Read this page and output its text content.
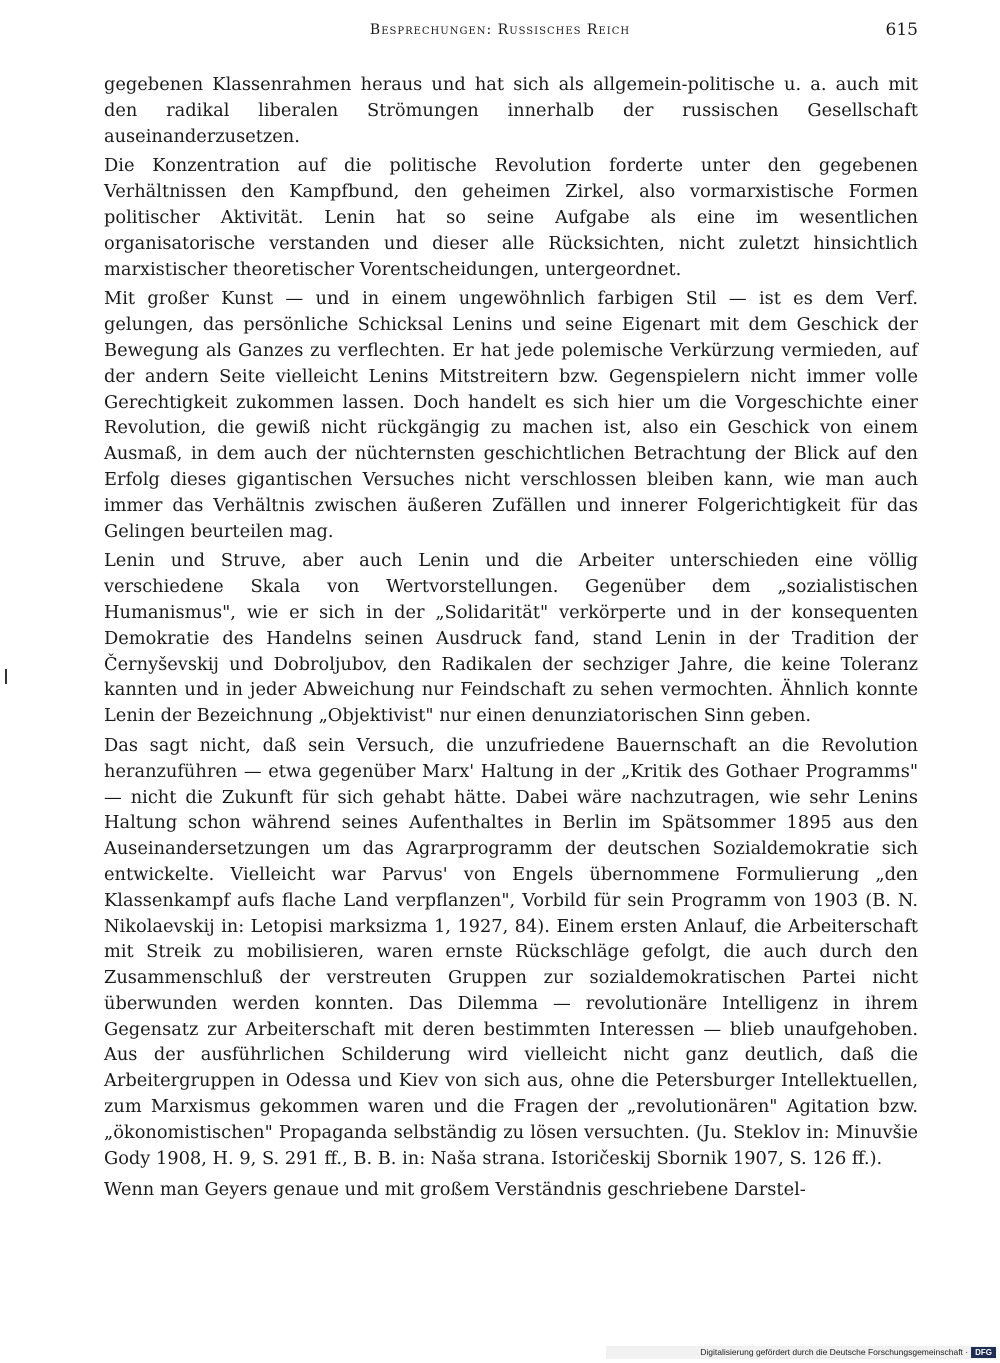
Besprechungen: Russisches Reich	615

gegebenen Klassenrahmen heraus und hat sich als allgemein-politische u. a. auch mit den radikal liberalen Strömungen innerhalb der russischen Gesellschaft auseinanderzusetzen.

Die Konzentration auf die politische Revolution forderte unter den gegebenen Verhältnissen den Kampfbund, den geheimen Zirkel, also vormarxistische Formen politischer Aktivität. Lenin hat so seine Aufgabe als eine im wesentlichen organisatorische verstanden und dieser alle Rücksichten, nicht zuletzt hinsichtlich marxistischer theoretischer Vorentscheidungen, untergeordnet.

Mit großer Kunst — und in einem ungewöhnlich farbigen Stil — ist es dem Verf. gelungen, das persönliche Schicksal Lenins und seine Eigenart mit dem Geschick der Bewegung als Ganzes zu verflechten. Er hat jede polemische Verkürzung vermieden, auf der andern Seite vielleicht Lenins Mitstreitern bzw. Gegenspielern nicht immer volle Gerechtigkeit zukommen lassen. Doch handelt es sich hier um die Vorgeschichte einer Revolution, die gewiß nicht rückgängig zu machen ist, also ein Geschick von einem Ausmaß, in dem auch der nüchternsten geschichtlichen Betrachtung der Blick auf den Erfolg dieses gigantischen Versuches nicht verschlossen bleiben kann, wie man auch immer das Verhältnis zwischen äußeren Zufällen und innerer Folgerichtigkeit für das Gelingen beurteilen mag.

Lenin und Struve, aber auch Lenin und die Arbeiter unterschieden eine völlig verschiedene Skala von Wertvorstellungen. Gegenüber dem „sozialistischen Humanismus", wie er sich in der „Solidarität" verkörperte und in der konsequenten Demokratie des Handelns seinen Ausdruck fand, stand Lenin in der Tradition der Černyševskij und Dobroljubov, den Radikalen der sechziger Jahre, die keine Toleranz kannten und in jeder Abweichung nur Feindschaft zu sehen vermochten. Ähnlich konnte Lenin der Bezeichnung „Objektivist" nur einen denunziatorischen Sinn geben.

Das sagt nicht, daß sein Versuch, die unzufriedene Bauernschaft an die Revolution heranzuführen — etwa gegenüber Marx' Haltung in der „Kritik des Gothaer Programms" — nicht die Zukunft für sich gehabt hätte. Dabei wäre nachzutragen, wie sehr Lenins Haltung schon während seines Aufenthaltes in Berlin im Spätsommer 1895 aus den Auseinandersetzungen um das Agrarprogramm der deutschen Sozialdemokratie sich entwickelte. Vielleicht war Parvus' von Engels übernommene Formulierung „den Klassenkampf aufs flache Land verpflanzen", Vorbild für sein Programm von 1903 (B. N. Nikolaevskij in: Letopisi marksizma 1, 1927, 84). Einem ersten Anlauf, die Arbeiterschaft mit Streik zu mobilisieren, waren ernste Rückschläge gefolgt, die auch durch den Zusammenschluß der verstreuten Gruppen zur sozialdemokratischen Partei nicht überwunden werden konnten. Das Dilemma — revolutionäre Intelligenz in ihrem Gegensatz zur Arbeiterschaft mit deren bestimmten Interessen — blieb unaufgehoben. Aus der ausführlichen Schilderung wird vielleicht nicht ganz deutlich, daß die Arbeitergruppen in Odessa und Kiev von sich aus, ohne die Petersburger Intellektuellen, zum Marxismus gekommen waren und die Fragen der „revolutionären" Agitation bzw. „ökonomistischen" Propaganda selbständig zu lösen versuchten. (Ju. Steklov in: Minuvšie Gody 1908, H. 9, S. 291 ff., B. B. in: Naša strana. Istoričeskij Sbornik 1907, S. 126 ff.).

Wenn man Geyers genaue und mit großem Verständnis geschriebene Darstel-

Digitalisierung gefördert durch die Deutsche Forschungsgemeinschaft · DFG
